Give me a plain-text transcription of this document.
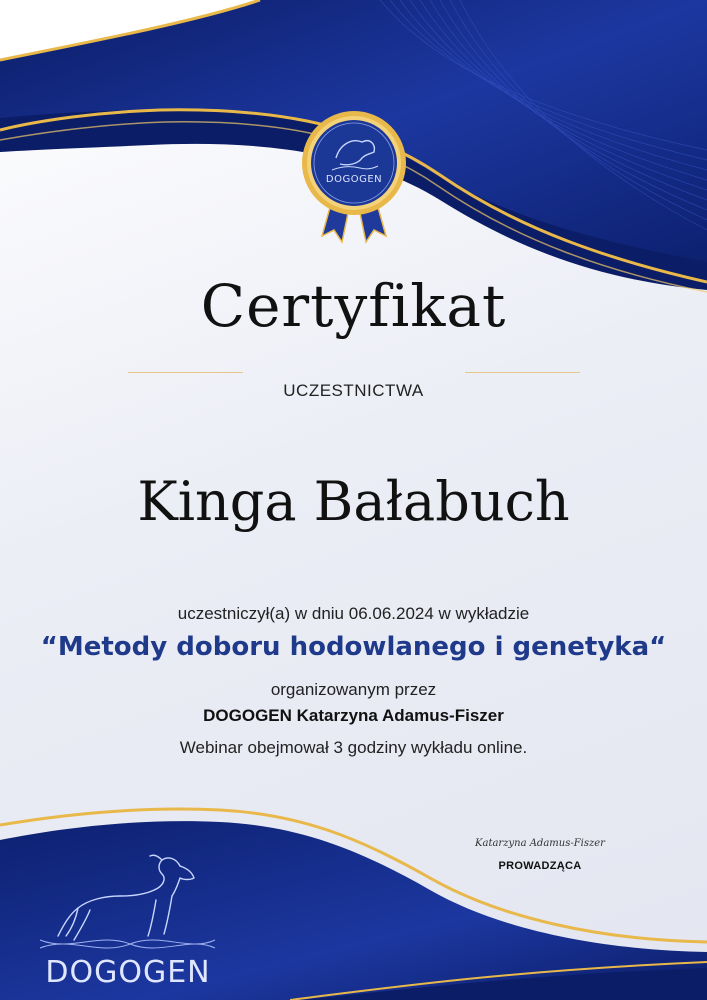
DOGOGEN
Certyfikat
UCZESTNICTWA
Kinga Bałabuch
uczestniczył(a) w dniu 06.06.2024 w wykładzie
“Metody doboru hodowlanego i genetyka“
organizowanym przez
DOGOGEN Katarzyna Adamus-Fiszer
Webinar obejmował 3 godziny wykładu online.
Katarzyna Adamus-Fiszer
PROWADZĄCA
DOGOGEN
